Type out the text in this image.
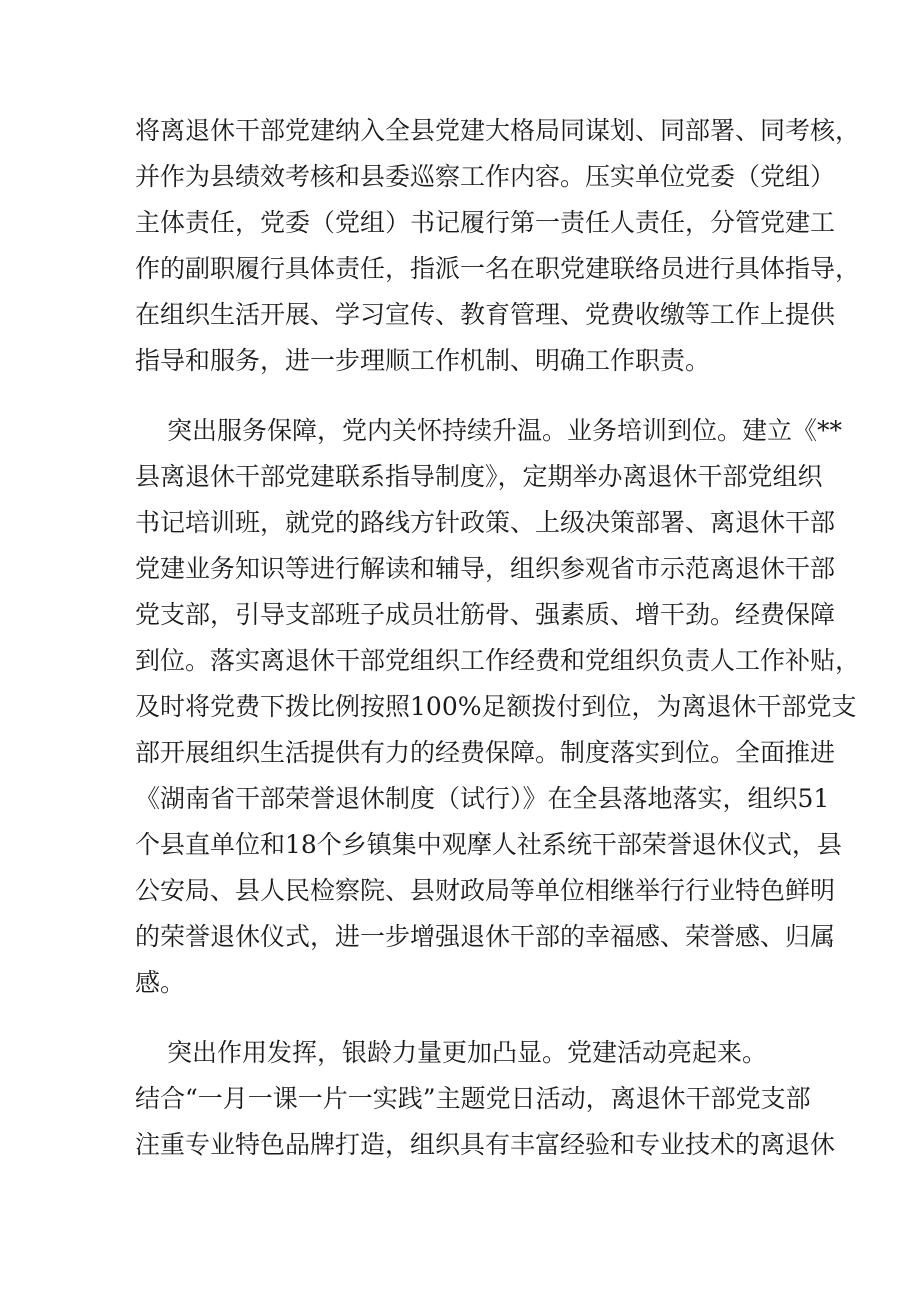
将离退休干部党建纳入全县党建大格局同谋划、同部署、同考核，
并作为县绩效考核和县委巡察工作内容。压实单位党委（党组）
主体责任，党委（党组）书记履行第一责任人责任，分管党建工
作的副职履行具体责任，指派一名在职党建联络员进行具体指导，
在组织生活开展、学习宣传、教育管理、党费收缴等工作上提供
指导和服务，进一步理顺工作机制、明确工作职责。

突出服务保障，党内关怀持续升温。业务培训到位。建立《**
县离退休干部党建联系指导制度》，定期举办离退休干部党组织
书记培训班，就党的路线方针政策、上级决策部署、离退休干部
党建业务知识等进行解读和辅导，组织参观省市示范离退休干部
党支部，引导支部班子成员壮筋骨、强素质、增干劲。经费保障
到位。落实离退休干部党组织工作经费和党组织负责人工作补贴，
及时将党费下拨比例按照100%足额拨付到位，为离退休干部党支
部开展组织生活提供有力的经费保障。制度落实到位。全面推进
《湖南省干部荣誉退休制度（试行）》在全县落地落实，组织51
个县直单位和18个乡镇集中观摩人社系统干部荣誉退休仪式，县
公安局、县人民检察院、县财政局等单位相继举行行业特色鲜明
的荣誉退休仪式，进一步增强退休干部的幸福感、荣誉感、归属
感。

突出作用发挥，银龄力量更加凸显。党建活动亮起来。
结合“一月一课一片一实践”主题党日活动，离退休干部党支部
注重专业特色品牌打造，组织具有丰富经验和专业技术的离退休
